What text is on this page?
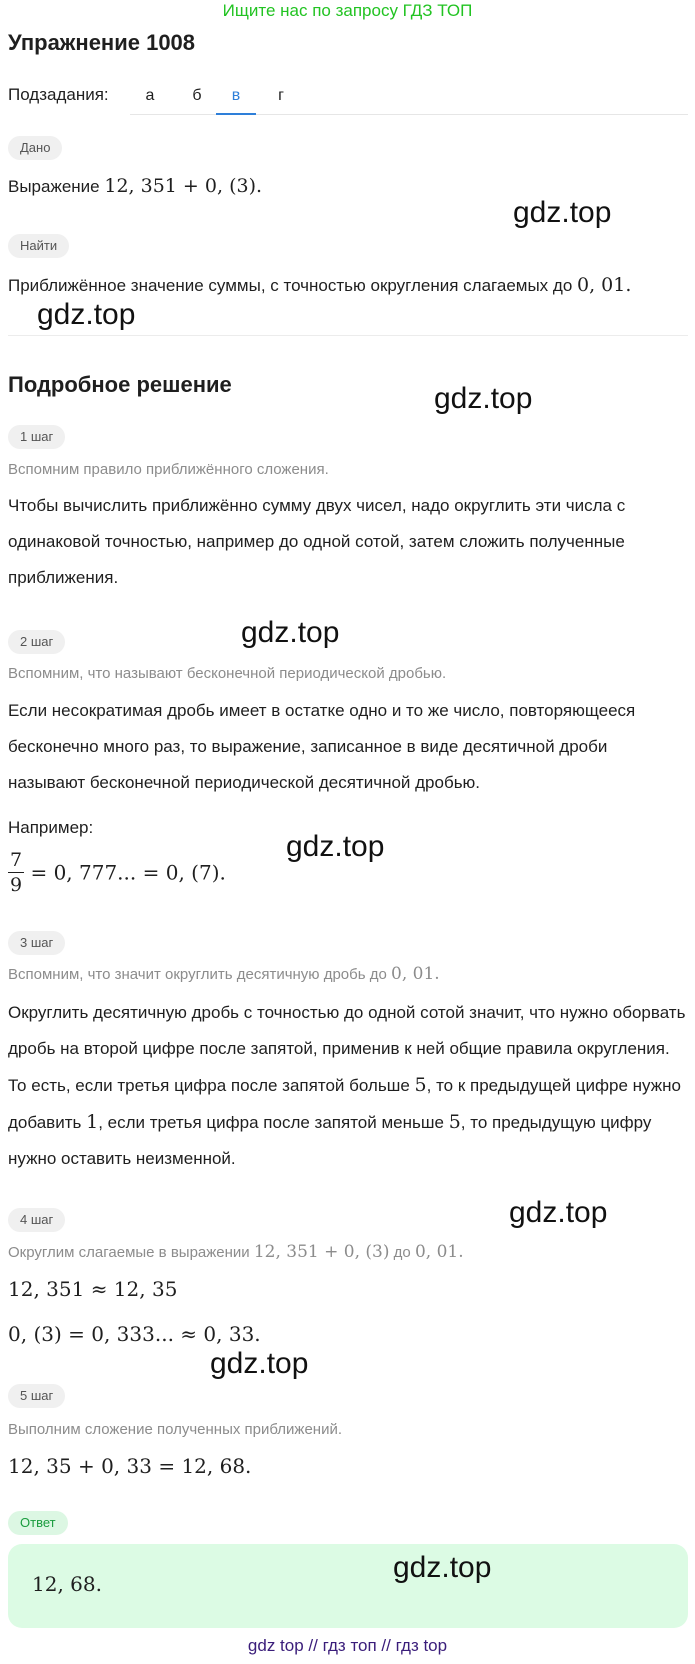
Ищите нас по запросу ГДЗ ТОП
Упражнение 1008
Подзадания:	а	б	в	г
Дано
Выражение 12, 351 + 0, (3).
Найти
Приближённое значение суммы, с точностью округления слагаемых до 0, 01.
Подробное решение
1 шаг
Вспомним правило приближённого сложения.
Чтобы вычислить приближённо сумму двух чисел, надо округлить эти числа с одинаковой точностью, например до одной сотой, затем сложить полученные приближения.
2 шаг
Вспомним, что называют бесконечной периодической дробью.
Если несократимая дробь имеет в остатке одно и то же число, повторяющееся бесконечно много раз, то выражение, записанное в виде десятичной дроби называют бесконечной периодической десятичной дробью.
Например:
$\frac{7}{9} = 0$, 777... = 0, (7).
3 шаг
Вспомним, что значит округлить десятичную дробь до 0, 01.
Округлить десятичную дробь с точностью до одной сотой значит, что нужно оборвать дробь на второй цифре после запятой, применив к ней общие правила округления. То есть, если третья цифра после запятой больше 5, то к предыдущей цифре нужно добавить 1, если третья цифра после запятой меньше 5, то предыдущую цифру нужно оставить неизменной.
4 шаг
Округлим слагаемые в выражении 12, 351 + 0, (3) до 0, 01.
12, 351 ≈ 12, 35
0, (3) = 0, 333... ≈ 0, 33.
5 шаг
Выполним сложение полученных приближений.
12, 35 + 0, 33 = 12, 68.
Ответ
12, 68.
gdz.top
gdz.top
gdz.top
gdz.top
gdz.top
gdz.top
gdz.top
gdz.top
gdz top // гдз топ // гдз top
